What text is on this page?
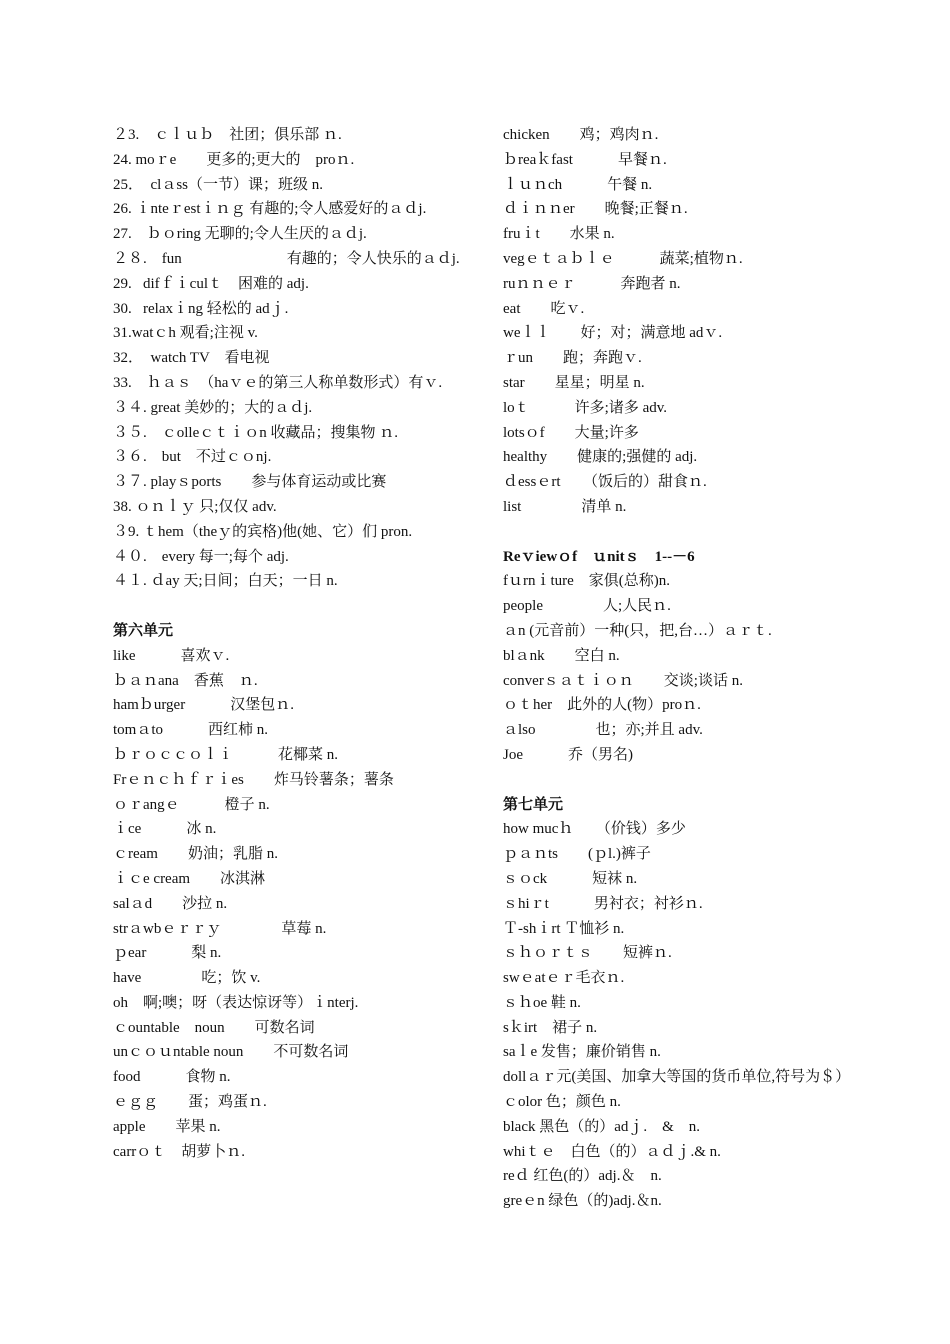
２3.　ｃｌｕｂ　社团；俱乐部 ｎ.
24. moｒe　　更多的;更大的　proｎ.
25．  clａss（一节）课；班级 n.
26. ｉnteｒestｉｎｇ 有趣的;令人感爱好的ａｄj.
27.　ｂｏring 无聊的;令人生厌的ａｄj.
２８.　fun　　　　　　　有趣的；令人快乐的ａｄj.
29.   difｆｉculｔ　困难的 adj.
30.   relaxｉng 轻松的 adｊ.
31.watｃh 观看;注视 v.
32．  watch TV　看电视
33.　ｈａｓ　（haｖｅ的第三人称单数形式）有ｖ.
３４. great 美妙的；大的ａｄj.
３５.　ｃolleｃｔｉｏn 收藏品；搜集物 ｎ.
３６.　but　不过ｃｏnj.
３７. playｓports　　参与体育运动或比赛
38. ｏｎｌｙ 只;仅仅 adv.
３9. ｔhem（theｙ的宾格)他(她、它）们 pron.
４０.　every 每一;每个 adj.
４１. ｄay 天;日间；白天；一日 n.
第六单元
like　　　喜欢ｖ.
ｂａｎana　香蕉　ｎ.
hamｂurger　　　汉堡包ｎ.
tomａto　　　西红柿 n.
ｂｒｏｃｃｏｌｉ　　　花椰菜 n.
Frｅｎｃｈｆｒｉes　　炸马铃薯条；薯条
ｏｒangｅ　　　橙子 n.
ｉce　　　冰 n.
ｃream　　奶油；乳脂 n.
ｉｃe cream　　冰淇淋
salａd　　沙拉 n.
strａwbｅｒｒｙ　　　　草莓 n.
ｐear　　　梨 n.
have　　　　吃；饮 v.
oh　啊;噢；呀（表达惊讶等）ｉnterj.
ｃountable　noun　　可数名词
unｃｏｕntable noun　　不可数名词
food　　　食物 n.
ｅｇｇ　　蛋；鸡蛋ｎ.
apple　　苹果 n.
carrｏｔ　胡萝卜ｎ.
chicken　　鸡；鸡肉ｎ.
ｂreaｋfast　　　早餐ｎ.
ｌｕｎch　　　午餐 n.
ｄｉｎｎer　　晚餐;正餐ｎ.
fruｉt　　水果 n.
vegｅｔａｂｌｅ　　　蔬菜;植物ｎ.
ruｎｎｅｒ　　　奔跑者 n.
eat　　吃ｖ.
weｌｌ　　好；对；满意地 adｖ.
ｒun　　跑；奔跑ｖ.
star　　星星；明星 n.
loｔ　　　许多;诸多 adv.
lotsｏf　　大量;许多
healthy　　健康的;强健的 adj.
ｄessｅrt　　（饭后的）甜食ｎ.
list　　　　清单 n.
Reｖiewｏf　ｕnitｓ　1--－6
fｕrnｉture　家俱(总称)n.
people　　　　人;人民ｎ.
ａn (元音前）一种(只，把,台…）ａｒｔ.
blａnk　　空白 n.
converｓａｔｉｏｎ　　交谈;谈话 n.
ｏｔher　此外的人(物）proｎ.
ａlso　　　　也；亦;并且 adv.
Joe　　　乔（男名)
第七单元
how mucｈ　　（价钱）多少
ｐａｎts　　(ｐl.)裤子
ｓｏck　　　短袜 n.
ｓhiｒt　　　男衬衣；衬衫ｎ.
Ｔ-shｉrt Ｔ恤衫 n.
ｓｈｏｒｔｓ　　短裤ｎ.
swｅatｅｒ毛衣ｎ.
ｓｈoe 鞋 n.
sｋirt　裙子 n.
saｌe 发售；廉价销售 n.
dollａｒ元(美国、加拿大等国的货币单位,符号为＄）
ｃolor 色；颜色 n.
black 黑色（的）adｊ.　&　n.
whiｔｅ　白色（的）ａｄｊ.& n.
reｄ 红色(的）adj.＆　n.
greｅn 绿色（的)adj.＆n.
